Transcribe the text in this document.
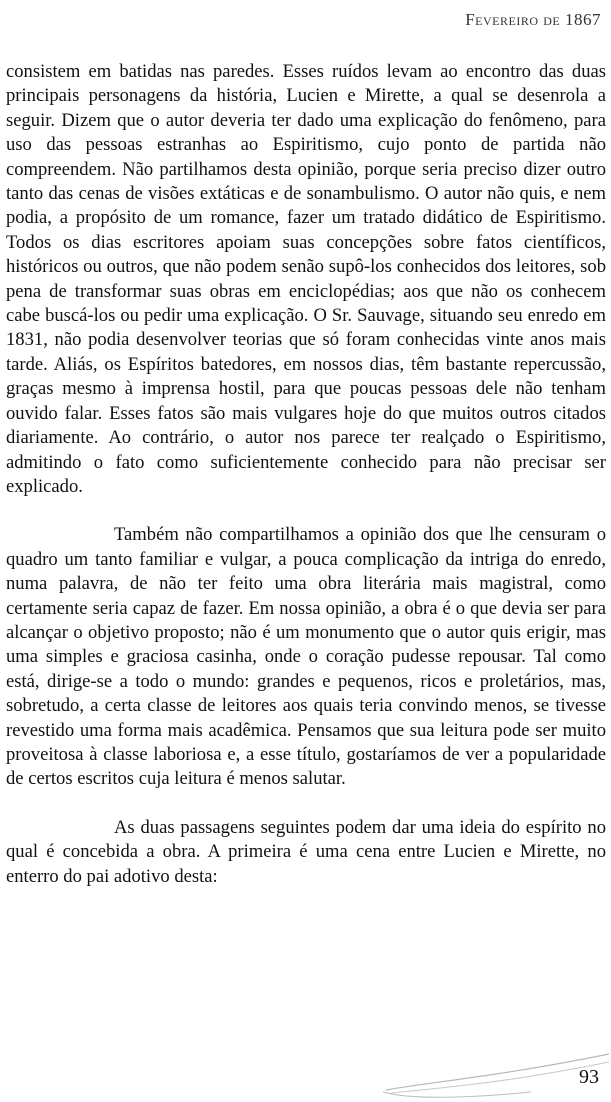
Fevereiro de 1867

consistem em batidas nas paredes. Esses ruídos levam ao encontro das duas principais personagens da história, Lucien e Mirette, a qual se desenrola a seguir. Dizem que o autor deveria ter dado uma explicação do fenômeno, para uso das pessoas estranhas ao Espiritismo, cujo ponto de partida não compreendem. Não partilhamos desta opinião, porque seria preciso dizer outro tanto das cenas de visões extáticas e de sonambulismo. O autor não quis, e nem podia, a propósito de um romance, fazer um tratado didático de Espiritismo. Todos os dias escritores apoiam suas concepções sobre fatos científicos, históricos ou outros, que não podem senão supô-los conhecidos dos leitores, sob pena de transformar suas obras em enciclopédias; aos que não os conhecem cabe buscá-los ou pedir uma explicação. O Sr. Sauvage, situando seu enredo em 1831, não podia desenvolver teorias que só foram conhecidas vinte anos mais tarde. Aliás, os Espíritos batedores, em nossos dias, têm bastante repercussão, graças mesmo à imprensa hostil, para que poucas pessoas dele não tenham ouvido falar. Esses fatos são mais vulgares hoje do que muitos outros citados diariamente. Ao contrário, o autor nos parece ter realçado o Espiritismo, admitindo o fato como suficientemente conhecido para não precisar ser explicado.

Também não compartilhamos a opinião dos que lhe censuram o quadro um tanto familiar e vulgar, a pouca complicação da intriga do enredo, numa palavra, de não ter feito uma obra literária mais magistral, como certamente seria capaz de fazer. Em nossa opinião, a obra é o que devia ser para alcançar o objetivo proposto; não é um monumento que o autor quis erigir, mas uma simples e graciosa casinha, onde o coração pudesse repousar. Tal como está, dirige-se a todo o mundo: grandes e pequenos, ricos e proletários, mas, sobretudo, a certa classe de leitores aos quais teria convindo menos, se tivesse revestido uma forma mais acadêmica. Pensamos que sua leitura pode ser muito proveitosa à classe laboriosa e, a esse título, gostaríamos de ver a popularidade de certos escritos cuja leitura é menos salutar.

As duas passagens seguintes podem dar uma ideia do espírito no qual é concebida a obra. A primeira é uma cena entre Lucien e Mirette, no enterro do pai adotivo desta:

93
